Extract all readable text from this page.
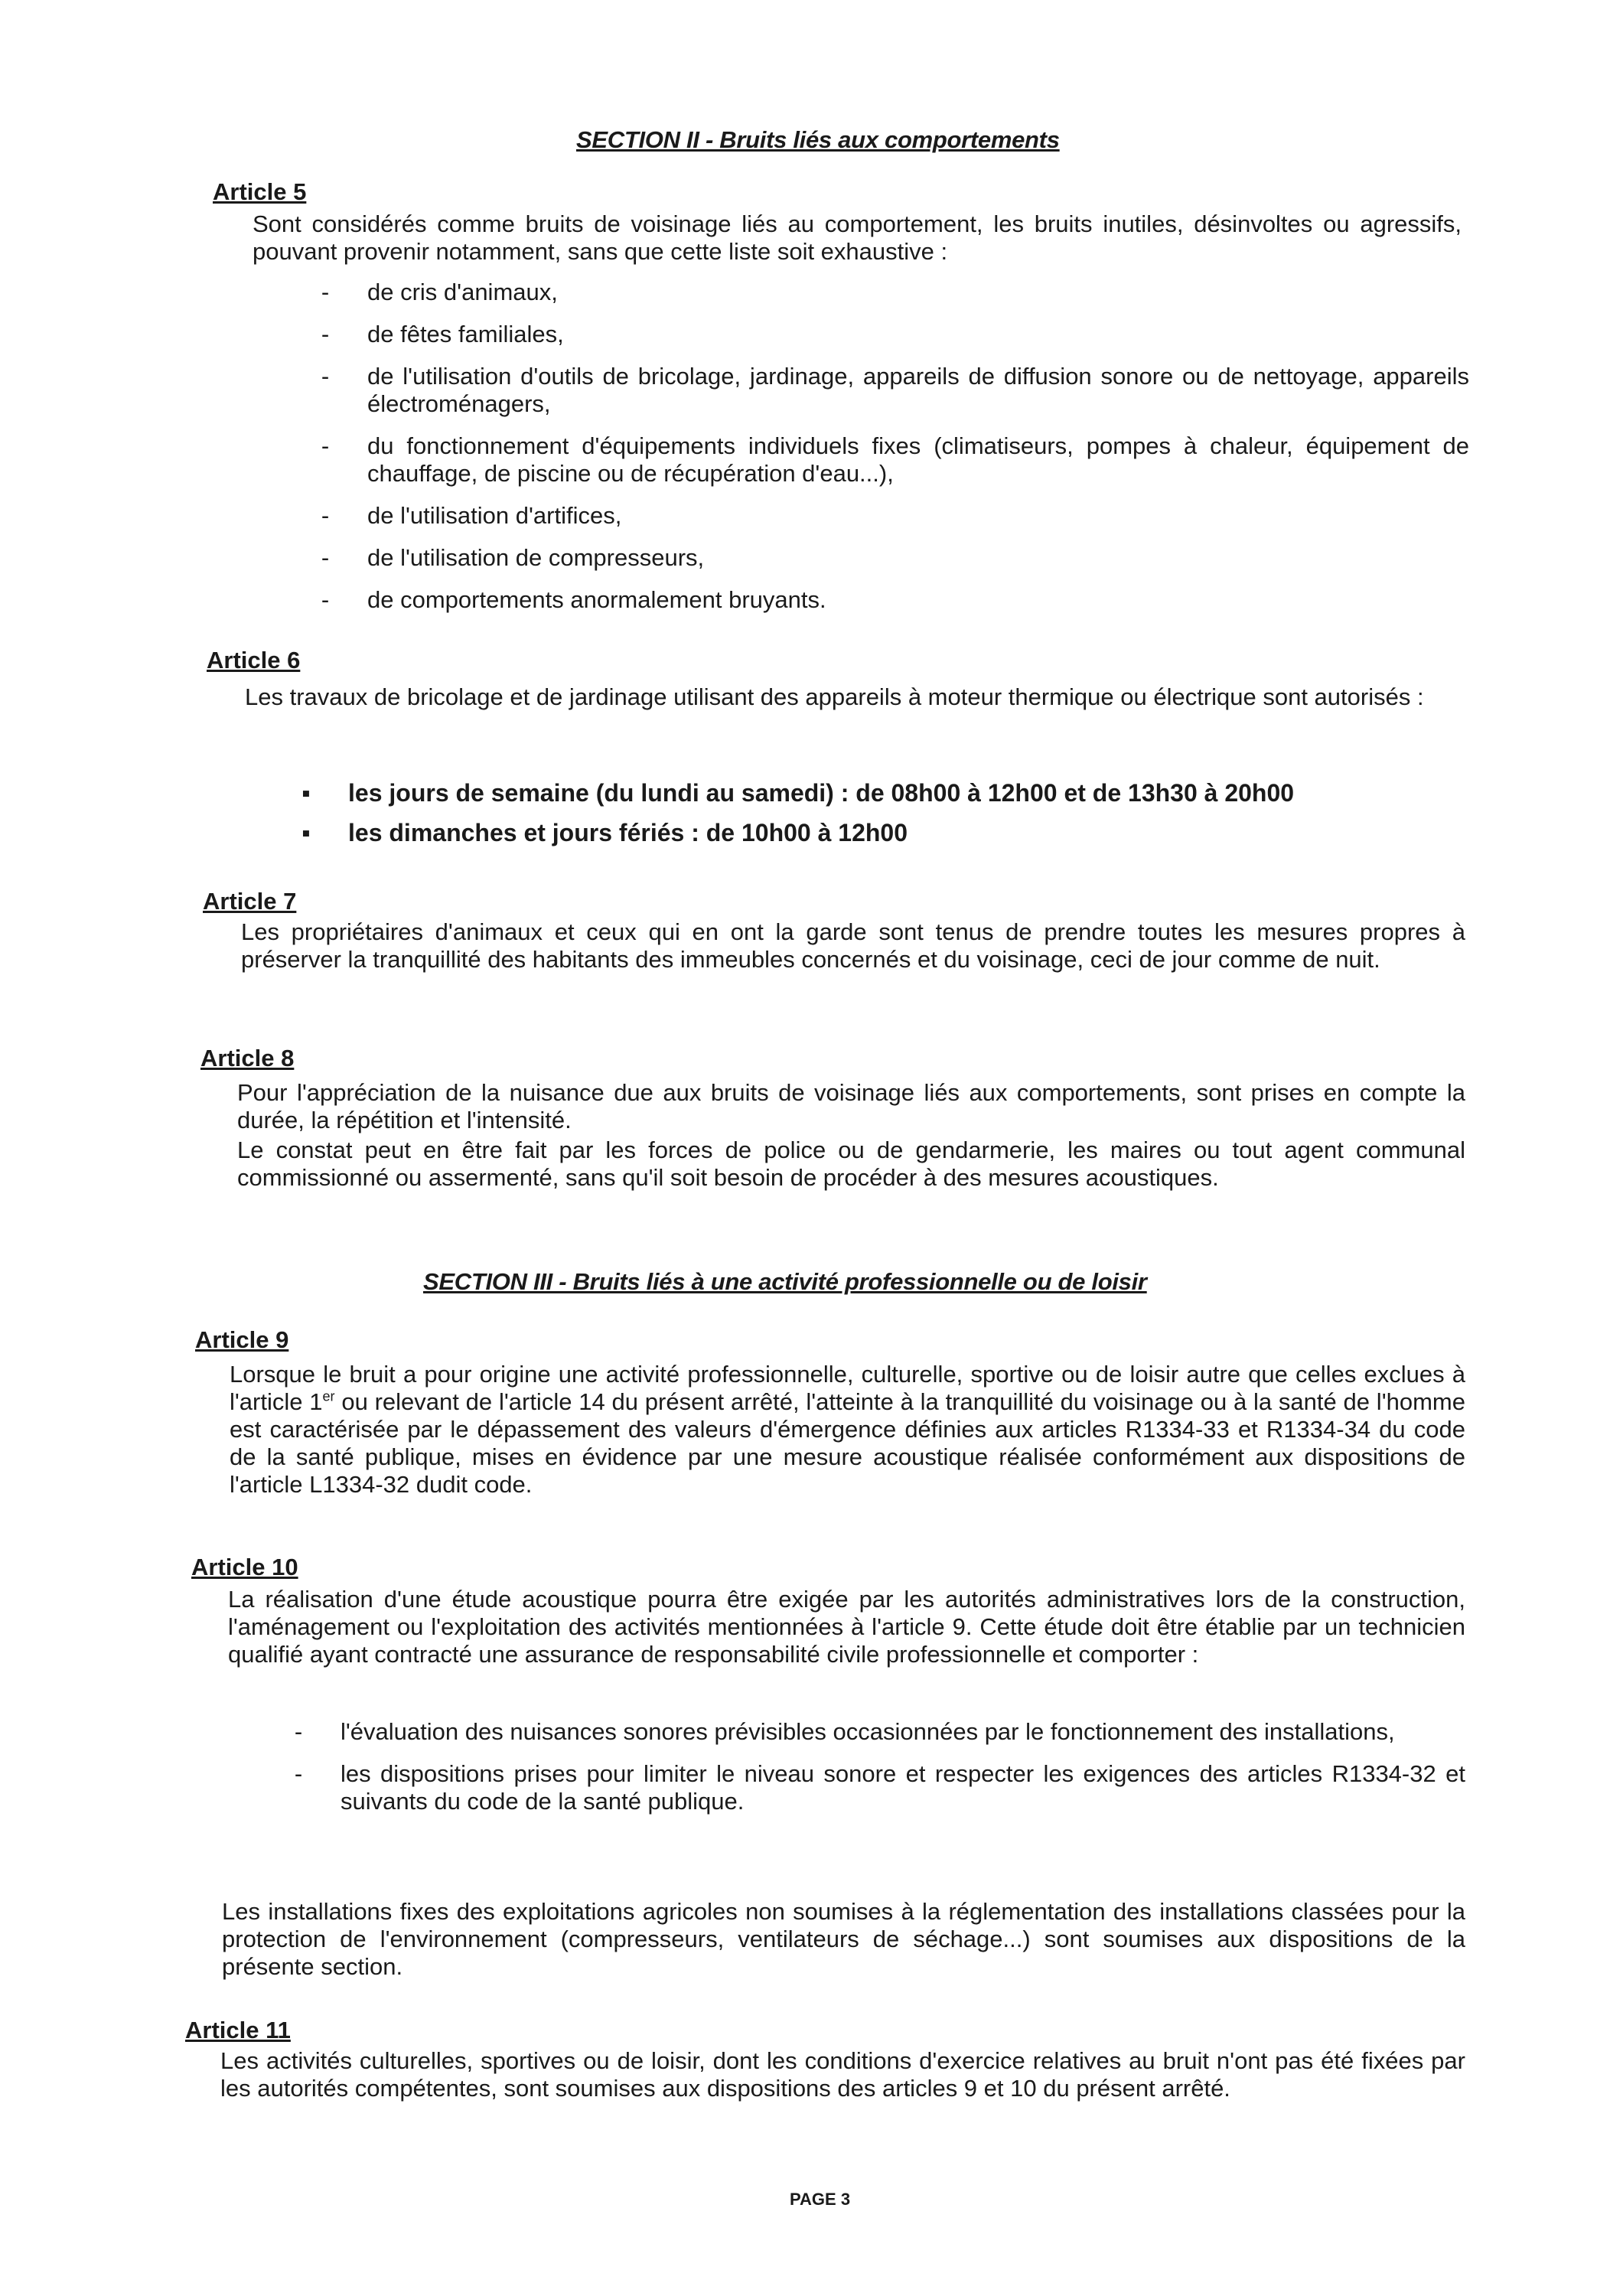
SECTION II - Bruits liés aux comportements
Article 5

Sont considérés comme bruits de voisinage liés au comportement, les bruits inutiles, désinvoltes ou agressifs, pouvant provenir notamment, sans que cette liste soit exhaustive :

-	de cris d'animaux,
-	de fêtes familiales,
-	de l'utilisation d'outils de bricolage, jardinage, appareils de diffusion sonore ou de nettoyage, appareils électroménagers,
-	du fonctionnement d'équipements individuels fixes (climatiseurs, pompes à chaleur, équipement de chauffage, de piscine ou de récupération d'eau...),
-	de l'utilisation d'artifices,
-	de l'utilisation de compresseurs,
-	de comportements anormalement bruyants.
Article 6

Les travaux de bricolage et de jardinage utilisant des appareils à moteur thermique ou électrique sont autorisés :

▪ les jours de semaine (du lundi au samedi) : de 08h00 à 12h00 et de 13h30 à 20h00
▪ les dimanches et jours fériés : de 10h00 à 12h00
Article 7

Les propriétaires d'animaux et ceux qui en ont la garde sont tenus de prendre toutes les mesures propres à préserver la tranquillité des habitants des immeubles concernés et du voisinage, ceci de jour comme de nuit.

Article 8

Pour l'appréciation de la nuisance due aux bruits de voisinage liés aux comportements, sont prises en compte la durée, la répétition et l'intensité.

Le constat peut en être fait par les forces de police ou de gendarmerie, les maires ou tout agent communal commissionné ou assermenté, sans qu'il soit besoin de procéder à des mesures acoustiques.

SECTION III - Bruits liés à une activité professionnelle ou de loisir
Article 9

Lorsque le bruit a pour origine une activité professionnelle, culturelle, sportive ou de loisir autre que celles exclues à l'article 1er ou relevant de l'article 14 du présent arrêté, l'atteinte à la tranquillité du voisinage ou à la santé de l'homme est caractérisée par le dépassement des valeurs d'émergence définies aux articles R1334-33 et R1334-34 du code de la santé publique, mises en évidence par une mesure acoustique réalisée conformément aux dispositions de l'article L1334-32 dudit code.

Article 10

La réalisation d'une étude acoustique pourra être exigée par les autorités administratives lors de la construction, l'aménagement ou l'exploitation des activités mentionnées à l'article 9. Cette étude doit être établie par un technicien qualifié ayant contracté une assurance de responsabilité civile professionnelle et comporter :

-	l'évaluation des nuisances sonores prévisibles occasionnées par le fonctionnement des installations,
-	les dispositions prises pour limiter le niveau sonore et respecter les exigences des articles R1334-32 et suivants du code de la santé publique.

Les installations fixes des exploitations agricoles non soumises à la réglementation des installations classées pour la protection de l'environnement (compresseurs, ventilateurs de séchage...) sont soumises aux dispositions de la présente section.

Article 11

Les activités culturelles, sportives ou de loisir, dont les conditions d'exercice relatives au bruit n'ont pas été fixées par les autorités compétentes, sont soumises aux dispositions des articles 9 et 10 du présent arrêté.

PAGE 3
